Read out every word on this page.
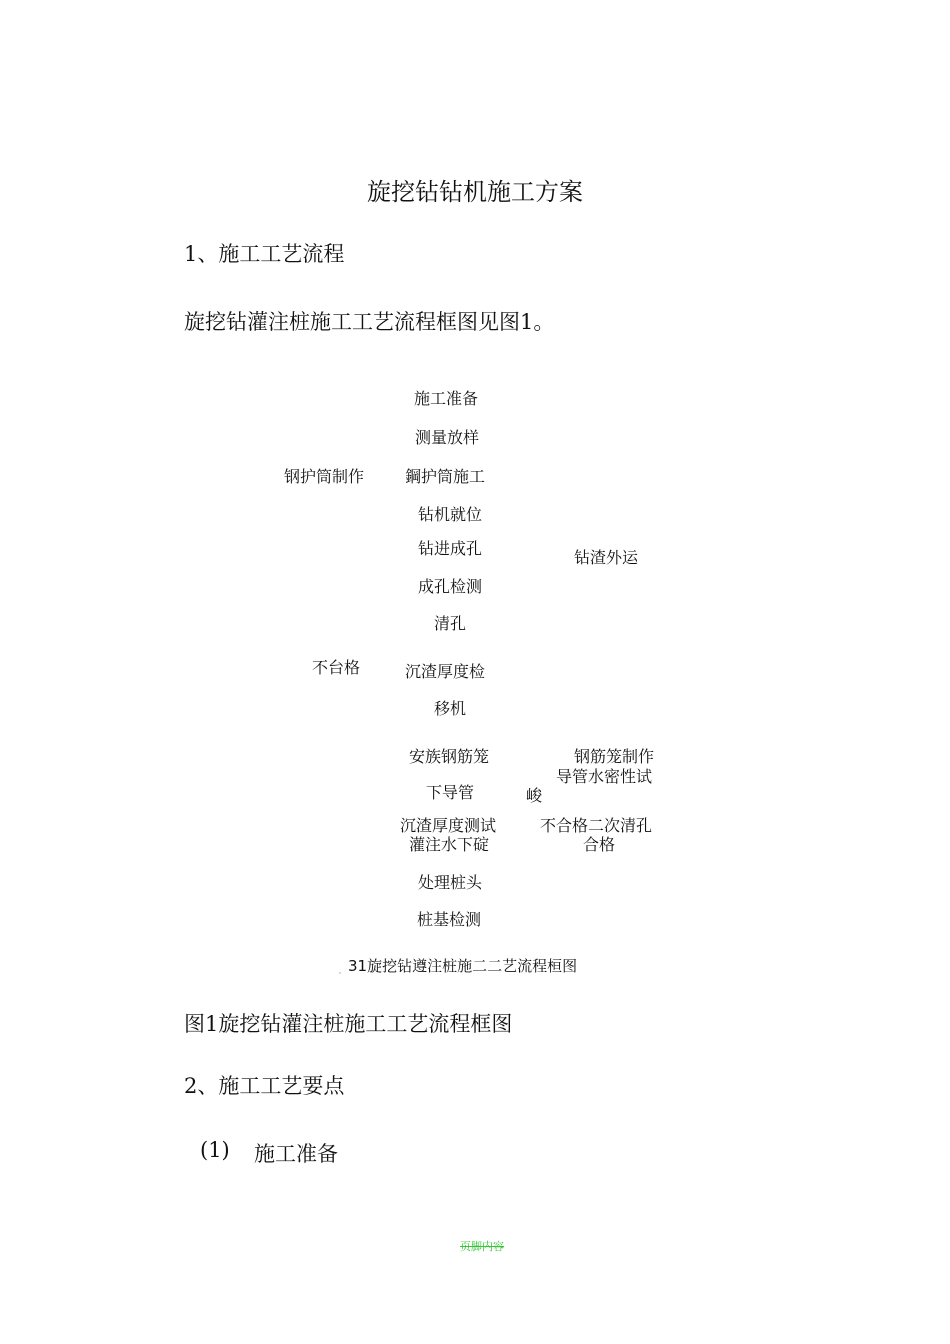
旋挖钻钻机施工方案
1、施工工艺流程
旋挖钻灌注桩施工工艺流程框图见图1。
施工准备
测量放样
钢护筒制作	鋼护筒施工
钻机就位
钻进成孔	钻渣外运
成孔检测
清孔
不台格	沉渣厚度检
移机
安族钢筋笼	钢筋笼制作
导管水密性试
下导管	峻
沉渣厚度测试	不合格二次清孔
灌注水下碇	合格
处理桩头
桩基检测
31旋挖钻遵注桩施二二艺流程桓图
图1旋挖钻灌注桩施工工艺流程框图
2、施工工艺要点
(1) 施工准备
页脚内容
